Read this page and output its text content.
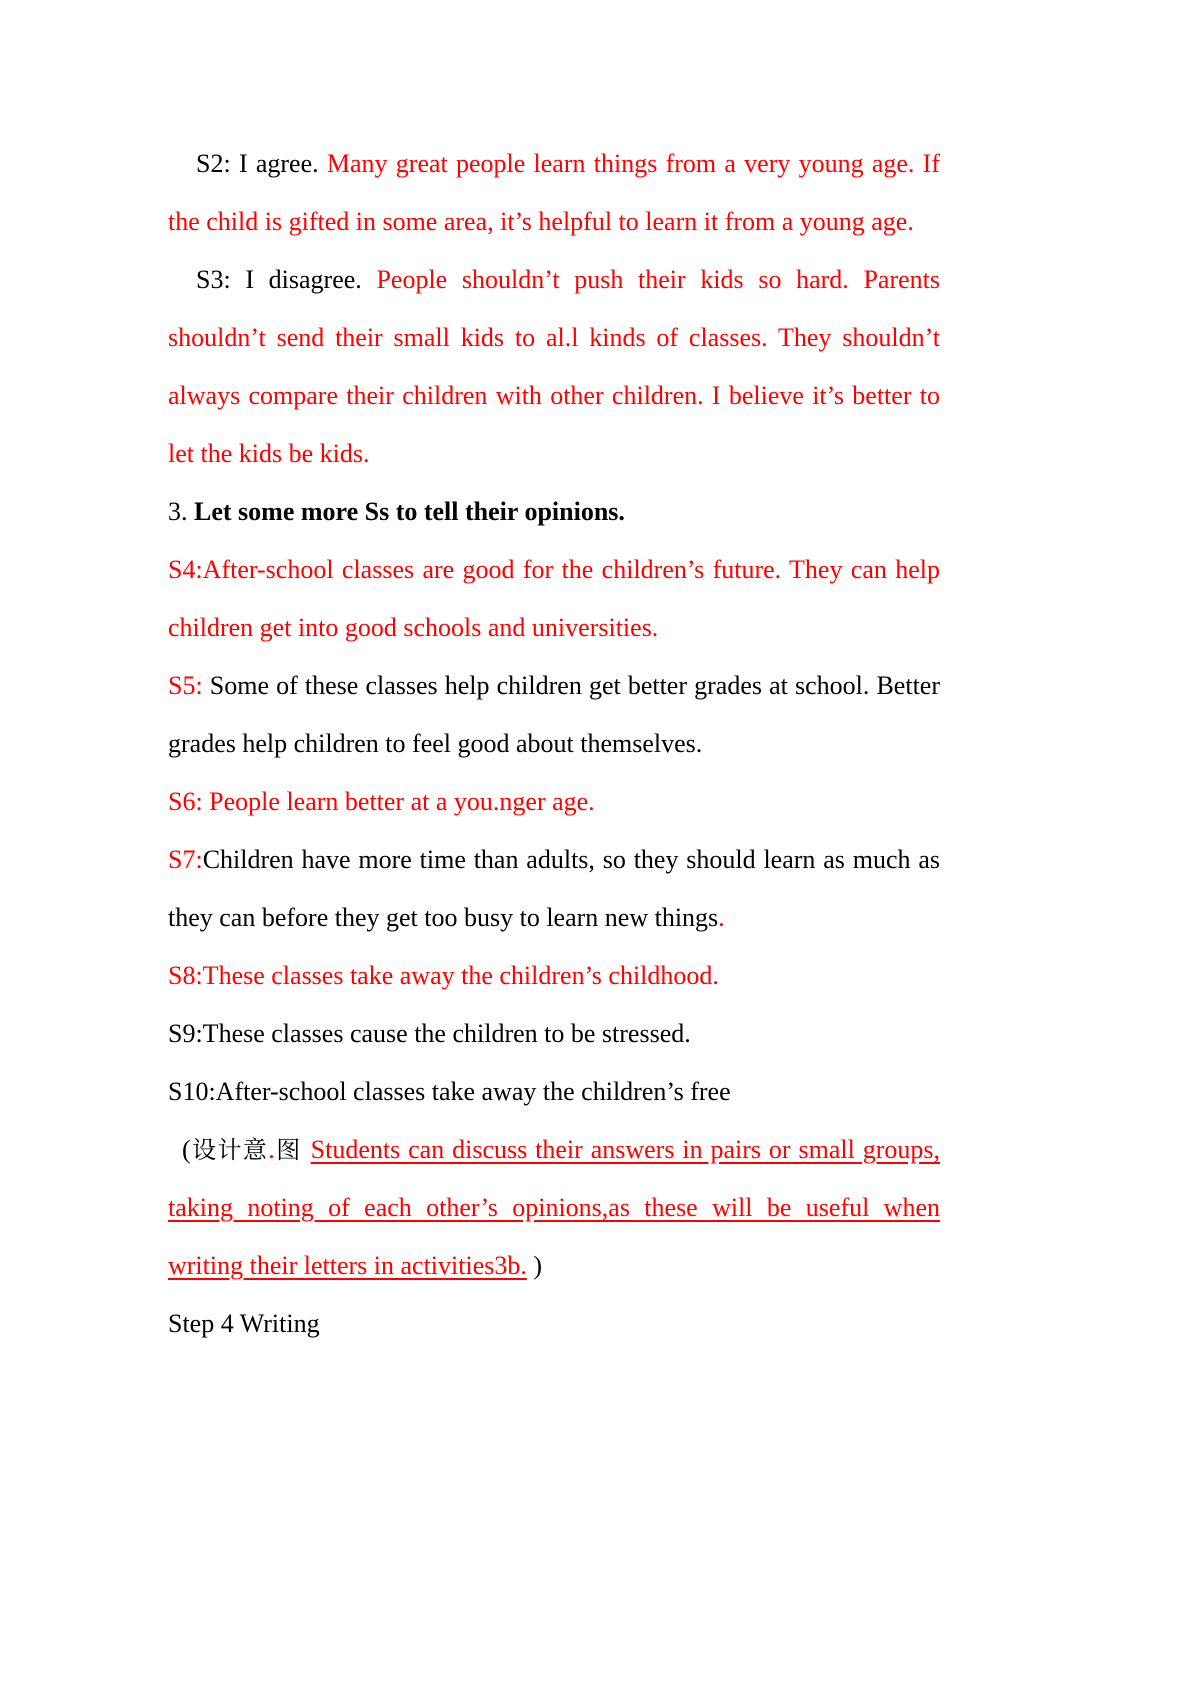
S2: I agree. Many great people learn things from a very young age. If the child is gifted in some area, it’s helpful to learn it from a young age.

S3: I disagree. People shouldn’t push their kids so hard. Parents shouldn’t send their small kids to al.l kinds of classes. They shouldn’t always compare their children with other children. I believe it’s better to let the kids be kids.

3. Let some more Ss to tell their opinions.

S4:After-school classes are good for the children’s future. They can help children get into good schools and universities.

S5: Some of these classes help children get better grades at school. Better grades help children to feel good about themselves.

S6: People learn better at a you.nger age.

S7:Children have more time than adults, so they should learn as much as they can before they get too busy to learn new things.

S8:These classes take away the children’s childhood.

S9:These classes cause the children to be stressed.

S10:After-school classes take away the children’s free

(设计意.图 Students can discuss their answers in pairs or small groups, taking noting of each other’s opinions,as these will be useful when writing their letters in activities3b. )

Step 4 Writing
